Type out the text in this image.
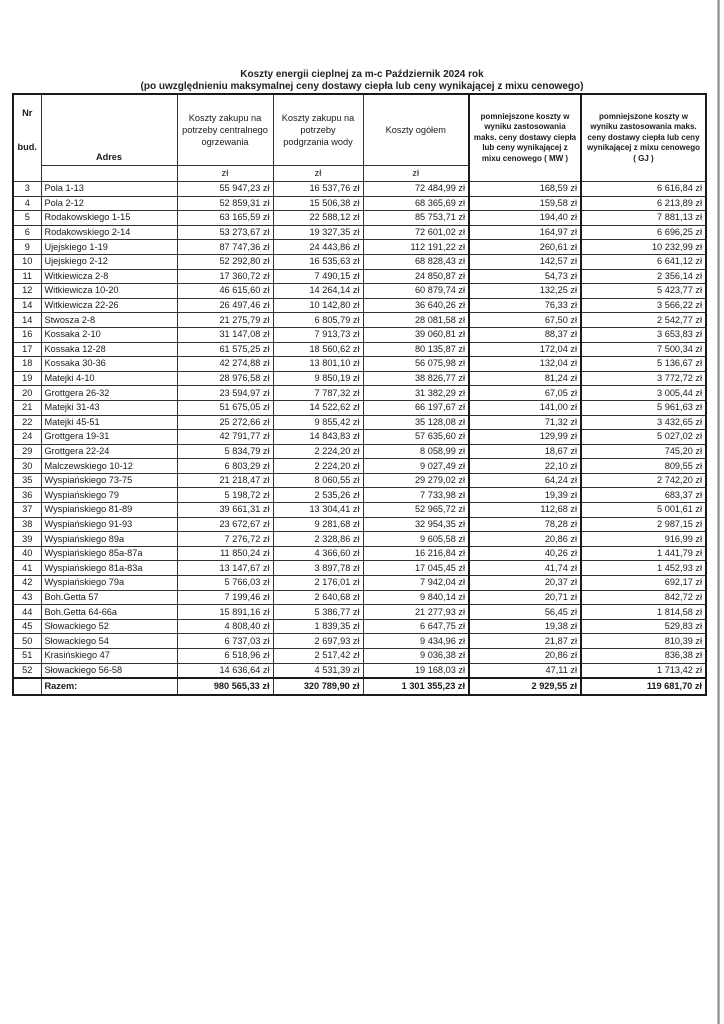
Koszty energii cieplnej za m-c Październik 2024 rok
(po uwzględnieniu maksymalnej ceny dostawy ciepła lub ceny wynikającej z mixu cenowego)
Nr
bud.	Adres	Koszty zakupu na potrzeby centralnego ogrzewania	Koszty zakupu na potrzeby podgrzania wody	Koszty ogółem	pomniejszone koszty w wyniku zastosowania maks. ceny dostawy ciepła lub ceny wynikającej z mixu cenowego ( MW )	pomniejszone koszty w wyniku zastosowania maks. ceny dostawy ciepła lub ceny wynikającej z mixu cenowego ( GJ )
		zł	zł	zł		
3	Pola 1-13	55 947,23 zł	16 537,76 zł	72 484,99 zł	168,59 zł	6 616,84 zł
4	Pola 2-12	52 859,31 zł	15 506,38 zł	68 365,69 zł	159,58 zł	6 213,89 zł
5	Rodakowskiego 1-15	63 165,59 zł	22 588,12 zł	85 753,71 zł	194,40 zł	7 881,13 zł
6	Rodakowskiego 2-14	53 273,67 zł	19 327,35 zł	72 601,02 zł	164,97 zł	6 696,25 zł
9	Ujejskiego 1-19	87 747,36 zł	24 443,86 zł	112 191,22 zł	260,61 zł	10 232,99 zł
10	Ujejskiego 2-12	52 292,80 zł	16 535,63 zł	68 828,43 zł	142,57 zł	6 641,12 zł
11	Witkiewicza 2-8	17 360,72 zł	7 490,15 zł	24 850,87 zł	54,73 zł	2 356,14 zł
12	Witkiewicza 10-20	46 615,60 zł	14 264,14 zł	60 879,74 zł	132,25 zł	5 423,77 zł
14	Witkiewicza 22-26	26 497,46 zł	10 142,80 zł	36 640,26 zł	76,33 zł	3 566,22 zł
14	Stwosza 2-8	21 275,79 zł	6 805,79 zł	28 081,58 zł	67,50 zł	2 542,77 zł
16	Kossaka 2-10	31 147,08 zł	7 913,73 zł	39 060,81 zł	88,37 zł	3 653,83 zł
17	Kossaka 12-28	61 575,25 zł	18 560,62 zł	80 135,87 zł	172,04 zł	7 500,34 zł
18	Kossaka 30-36	42 274,88 zł	13 801,10 zł	56 075,98 zł	132,04 zł	5 136,67 zł
19	Matejki 4-10	28 976,58 zł	9 850,19 zł	38 826,77 zł	81,24 zł	3 772,72 zł
20	Grottgera 26-32	23 594,97 zł	7 787,32 zł	31 382,29 zł	67,05 zł	3 005,44 zł
21	Matejki 31-43	51 675,05 zł	14 522,62 zł	66 197,67 zł	141,00 zł	5 961,63 zł
22	Matejki 45-51	25 272,66 zł	9 855,42 zł	35 128,08 zł	71,32 zł	3 432,65 zł
24	Grottgera 19-31	42 791,77 zł	14 843,83 zł	57 635,60 zł	129,99 zł	5 027,02 zł
29	Grottgera 22-24	5 834,79 zł	2 224,20 zł	8 058,99 zł	18,67 zł	745,20 zł
30	Malczewskiego 10-12	6 803,29 zł	2 224,20 zł	9 027,49 zł	22,10 zł	809,55 zł
35	Wyspiańskiego 73-75	21 218,47 zł	8 060,55 zł	29 279,02 zł	64,24 zł	2 742,20 zł
36	Wyspiańskiego 79	5 198,72 zł	2 535,26 zł	7 733,98 zł	19,39 zł	683,37 zł
37	Wyspiańskiego 81-89	39 661,31 zł	13 304,41 zł	52 965,72 zł	112,68 zł	5 001,61 zł
38	Wyspiańskiego 91-93	23 672,67 zł	9 281,68 zł	32 954,35 zł	78,28 zł	2 987,15 zł
39	Wyspiańskiego 89a	7 276,72 zł	2 328,86 zł	9 605,58 zł	20,86 zł	916,99 zł
40	Wyspiańskiego 85a-87a	11 850,24 zł	4 366,60 zł	16 216,84 zł	40,26 zł	1 441,79 zł
41	Wyspiańskiego 81a-83a	13 147,67 zł	3 897,78 zł	17 045,45 zł	41,74 zł	1 452,93 zł
42	Wyspiańskiego 79a	5 766,03 zł	2 176,01 zł	7 942,04 zł	20,37 zł	692,17 zł
43	Boh.Getta 57	7 199,46 zł	2 640,68 zł	9 840,14 zł	20,71 zł	842,72 zł
44	Boh.Getta 64-66a	15 891,16 zł	5 386,77 zł	21 277,93 zł	56,45 zł	1 814,58 zł
45	Słowackiego 52	4 808,40 zł	1 839,35 zł	6 647,75 zł	19,38 zł	529,83 zł
50	Słowackiego 54	6 737,03 zł	2 697,93 zł	9 434,96 zł	21,87 zł	810,39 zł
51	Krasińskiego 47	6 518,96 zł	2 517,42 zł	9 036,38 zł	20,86 zł	836,38 zł
52	Słowackiego 56-58	14 636,64 zł	4 531,39 zł	19 168,03 zł	47,11 zł	1 713,42 zł
	Razem:	980 565,33 zł	320 789,90 zł	1 301 355,23 zł	2 929,55 zł	119 681,70 zł
